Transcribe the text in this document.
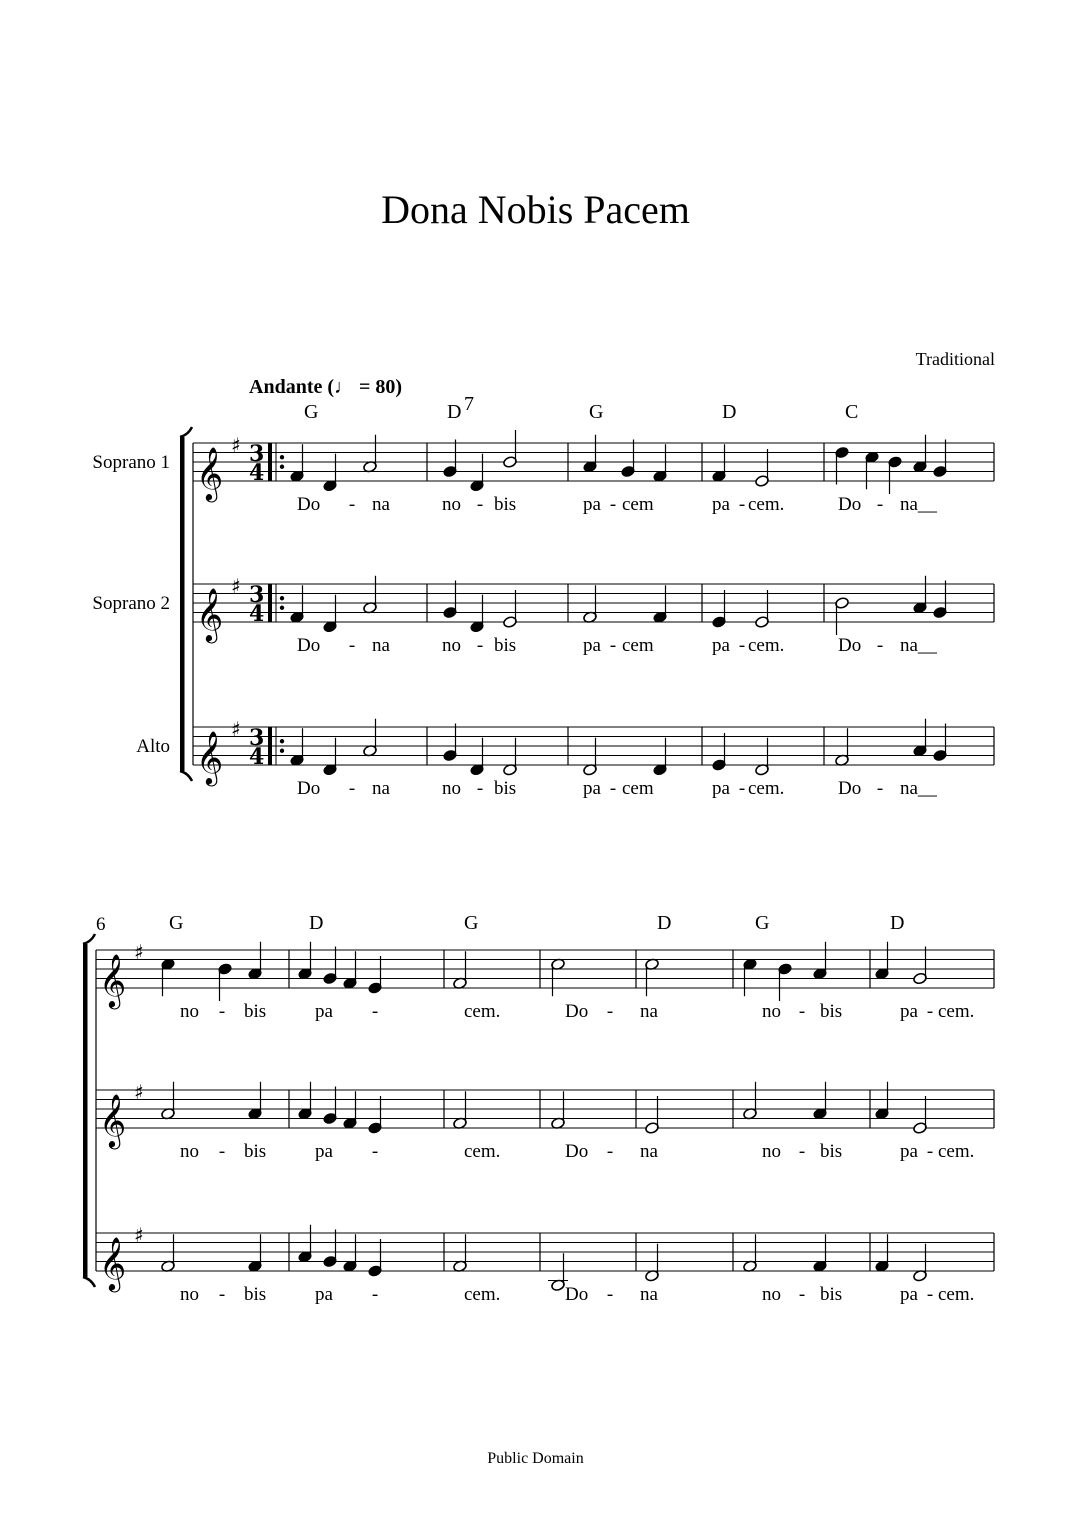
Dona Nobis Pacem
Traditional
Andante (♩ = 80)
Public Domain
Soprano 1
Soprano 2
Alto
6
𝄞
♯ 3
4
Do - na	no - bis	pa - cem	pa - cem.	Do - na__
𝄞
♯ 3
4
Do - na	no - bis	pa - cem	pa - cem.	Do - na__
𝄞
♯ 3
4
Do - na	no - bis	pa - cem	pa - cem.	Do - na__
G	D 7	G	D	C
𝄞
♯
no - bis	pa -	cem.	Do - na	no - bis	pa - cem.
𝄞
♯
no - bis	pa -	cem.	Do - na	no - bis	pa - cem.
𝄞
♯
no - bis	pa -	cem.	Do - na	no - bis	pa - cem.
G	D	G	D	G	D
